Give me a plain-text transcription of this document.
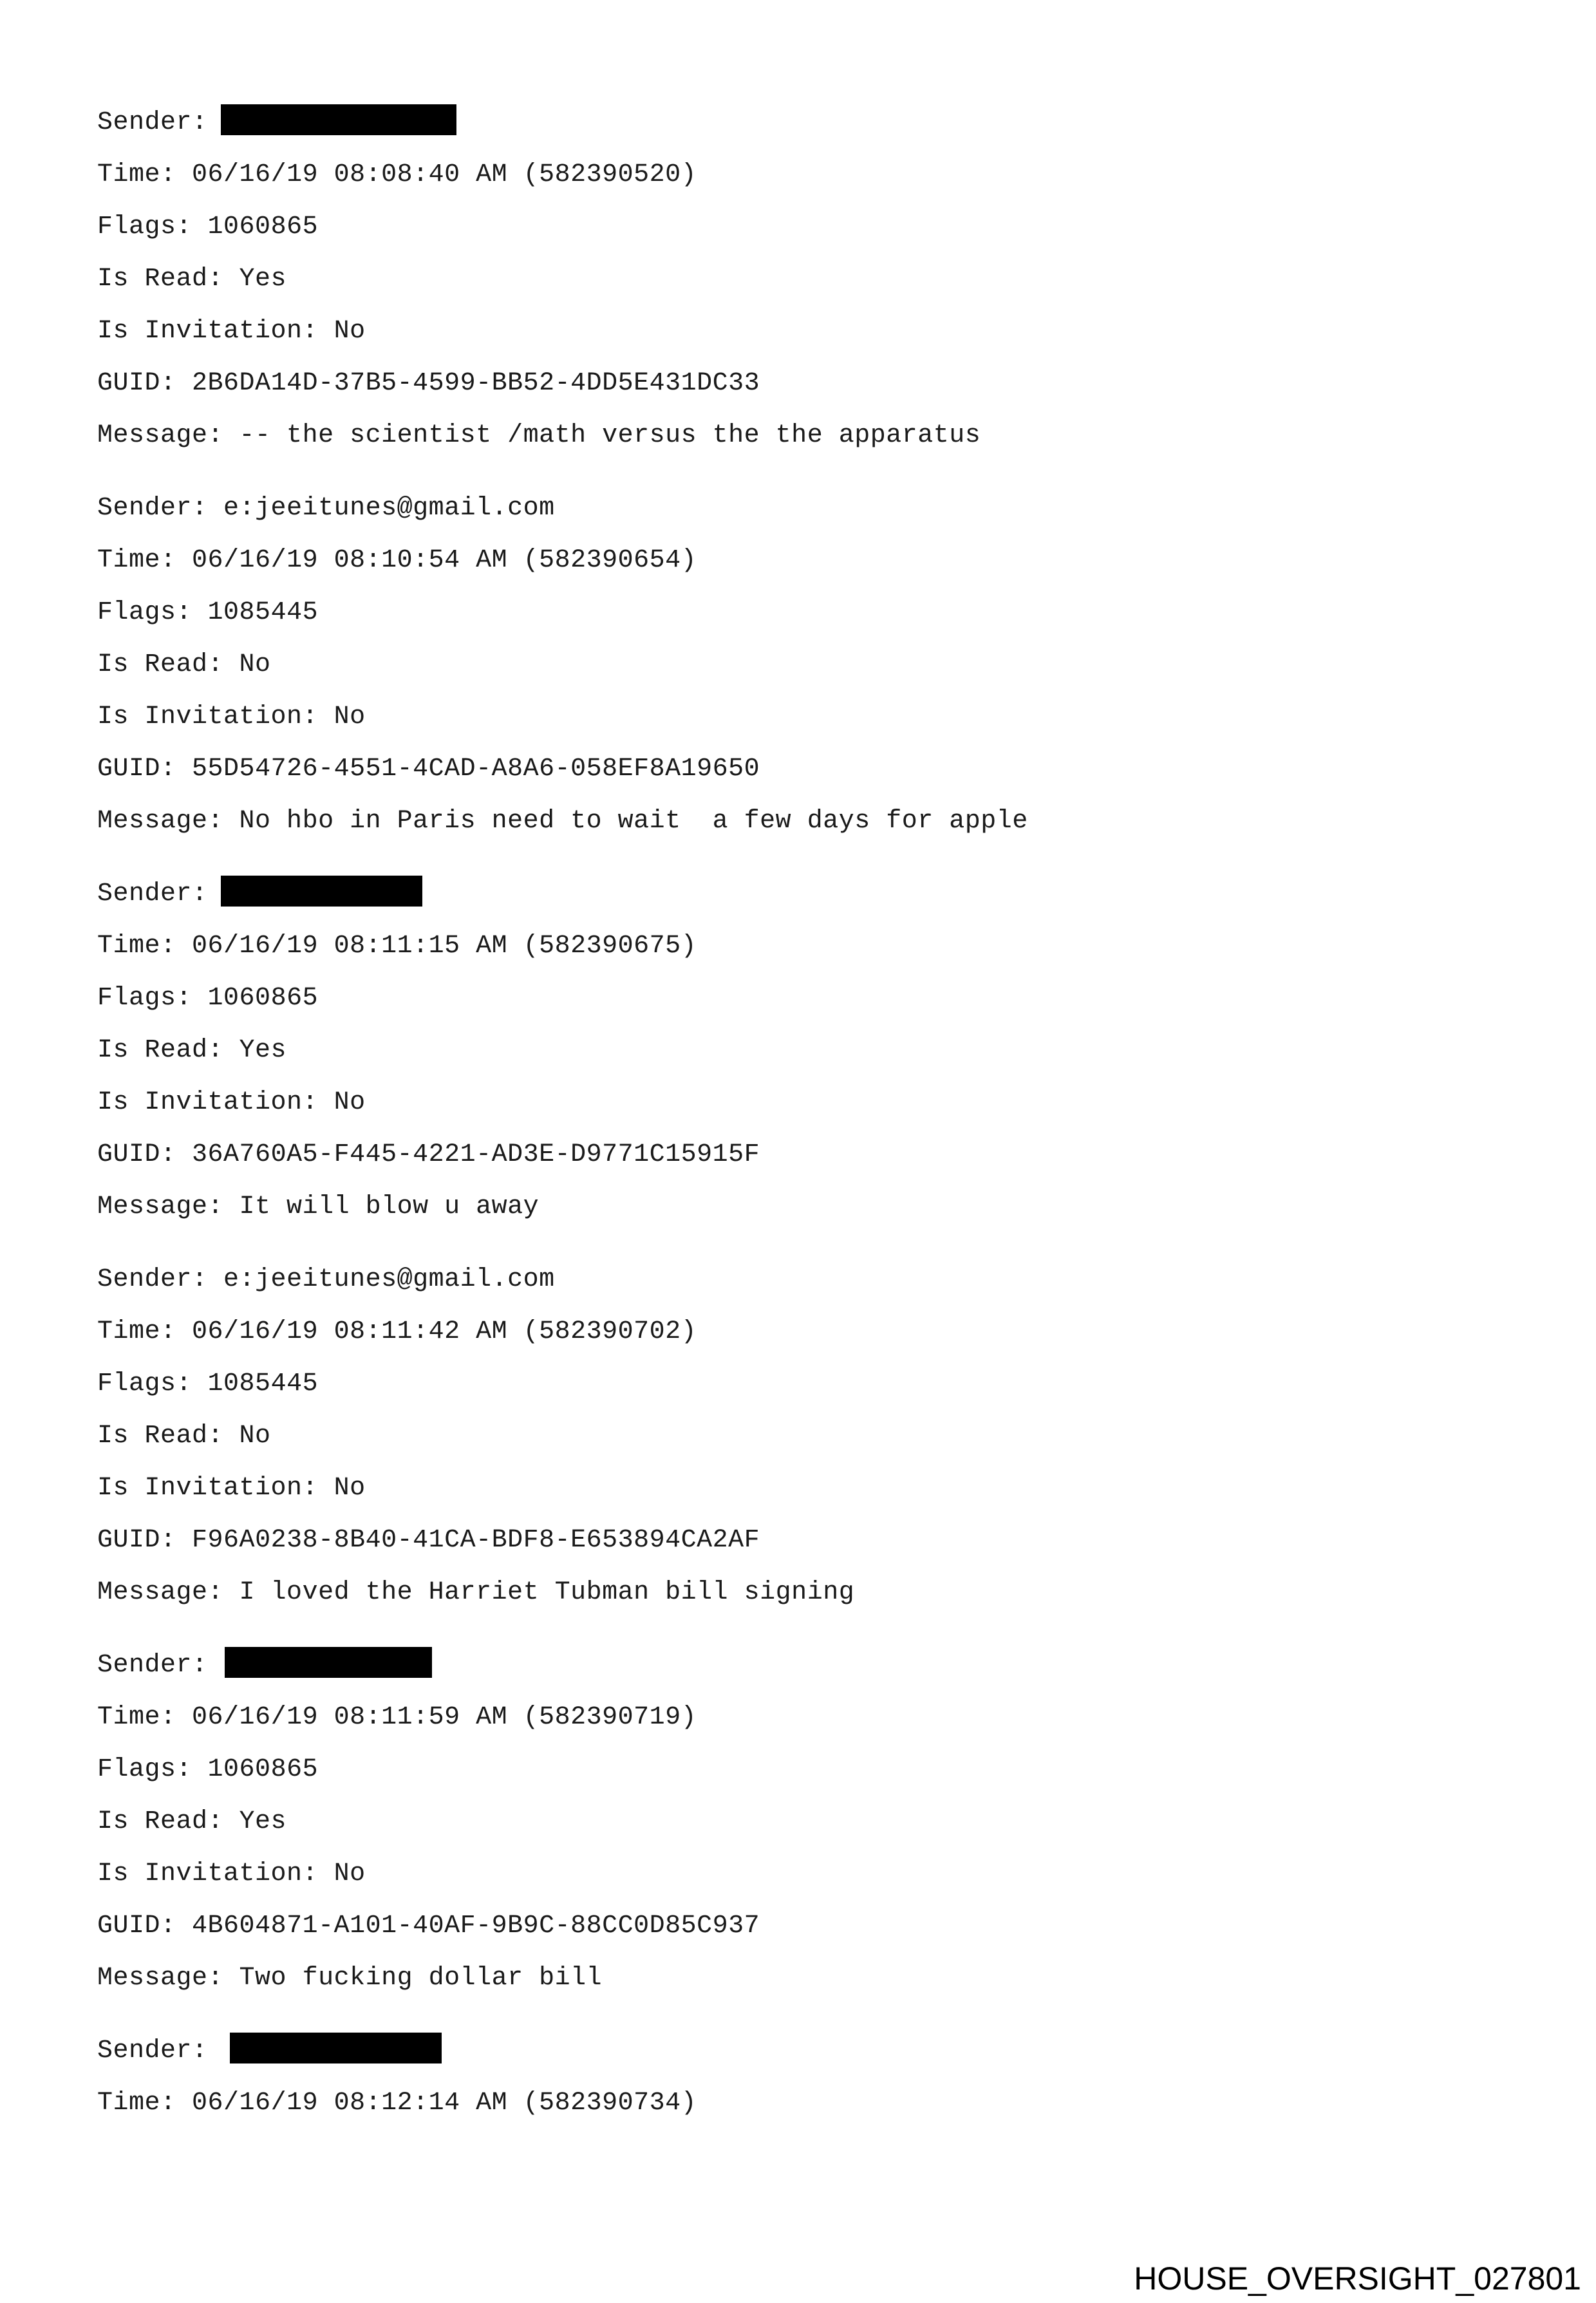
Sender:
Time: 06/16/19 08:08:40 AM (582390520)
Flags: 1060865
Is Read: Yes
Is Invitation: No
GUID: 2B6DA14D-37B5-4599-BB52-4DD5E431DC33
Message: -- the scientist /math versus the the apparatus
Sender: e:jeeitunes@gmail.com
Time: 06/16/19 08:10:54 AM (582390654)
Flags: 1085445
Is Read: No
Is Invitation: No
GUID: 55D54726-4551-4CAD-A8A6-058EF8A19650
Message: No hbo in Paris need to wait  a few days for apple
Sender:
Time: 06/16/19 08:11:15 AM (582390675)
Flags: 1060865
Is Read: Yes
Is Invitation: No
GUID: 36A760A5-F445-4221-AD3E-D9771C15915F
Message: It will blow u away
Sender: e:jeeitunes@gmail.com
Time: 06/16/19 08:11:42 AM (582390702)
Flags: 1085445
Is Read: No
Is Invitation: No
GUID: F96A0238-8B40-41CA-BDF8-E653894CA2AF
Message: I loved the Harriet Tubman bill signing
Sender:
Time: 06/16/19 08:11:59 AM (582390719)
Flags: 1060865
Is Read: Yes
Is Invitation: No
GUID: 4B604871-A101-40AF-9B9C-88CC0D85C937
Message: Two fucking dollar bill
Sender:
Time: 06/16/19 08:12:14 AM (582390734)
HOUSE_OVERSIGHT_027801
